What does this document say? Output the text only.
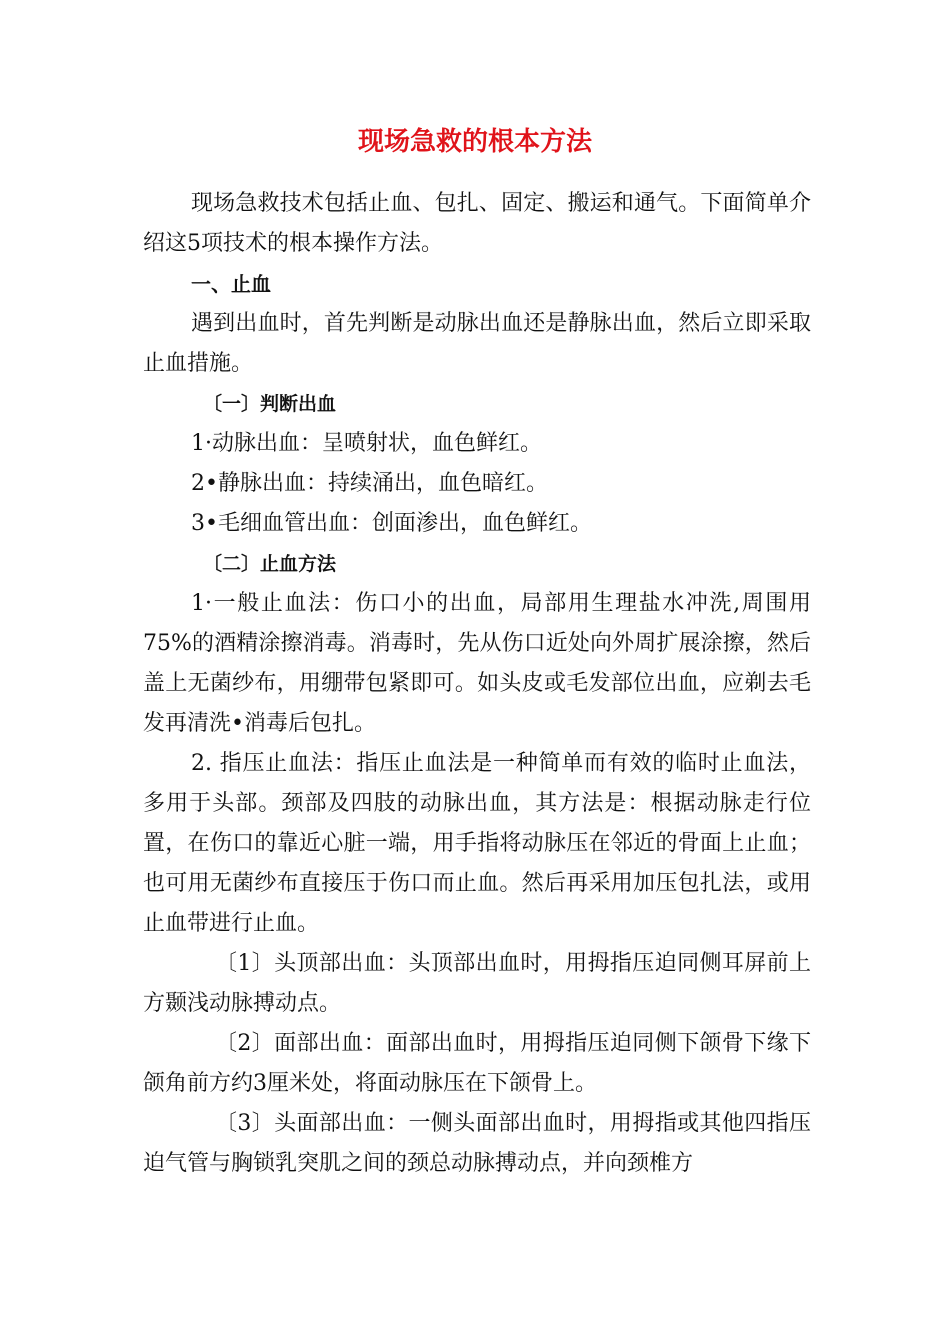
现场急救的根本方法

现场急救技术包括止血、包扎、固定、搬运和通气。下面简单介绍这5项技术的根本操作方法。

一、止血

遇到出血时，首先判断是动脉出血还是静脉出血，然后立即采取止血措施。

〔一〕判断出血

1·动脉出血：呈喷射状，血色鲜红。

2•静脉出血：持续涌出，血色暗红。

3•毛细血管出血：创面渗出，血色鲜红。

〔二〕止血方法

1·一般止血法：伤口小的出血，局部用生理盐水冲洗,周围用75%的酒精涂擦消毒。消毒时，先从伤口近处向外周扩展涂擦，然后盖上无菌纱布，用绷带包紧即可。如头皮或毛发部位出血，应剃去毛发再清洗•消毒后包扎。

2. 指压止血法：指压止血法是一种简单而有效的临时止血法，多用于头部。颈部及四肢的动脉出血，其方法是：根据动脉走行位置，在伤口的靠近心脏一端，用手指将动脉压在邻近的骨面上止血；也可用无菌纱布直接压于伤口而止血。然后再采用加压包扎法，或用止血带进行止血。

〔1〕头顶部出血：头顶部出血时，用拇指压迫同侧耳屏前上方颞浅动脉搏动点。

〔2〕面部出血：面部出血时，用拇指压迫同侧下颌骨下缘下颌角前方约3厘米处，将面动脉压在下颌骨上。

〔3〕头面部出血：一侧头面部出血时，用拇指或其他四指压迫气管与胸锁乳突肌之间的颈总动脉搏动点，并向颈椎方
